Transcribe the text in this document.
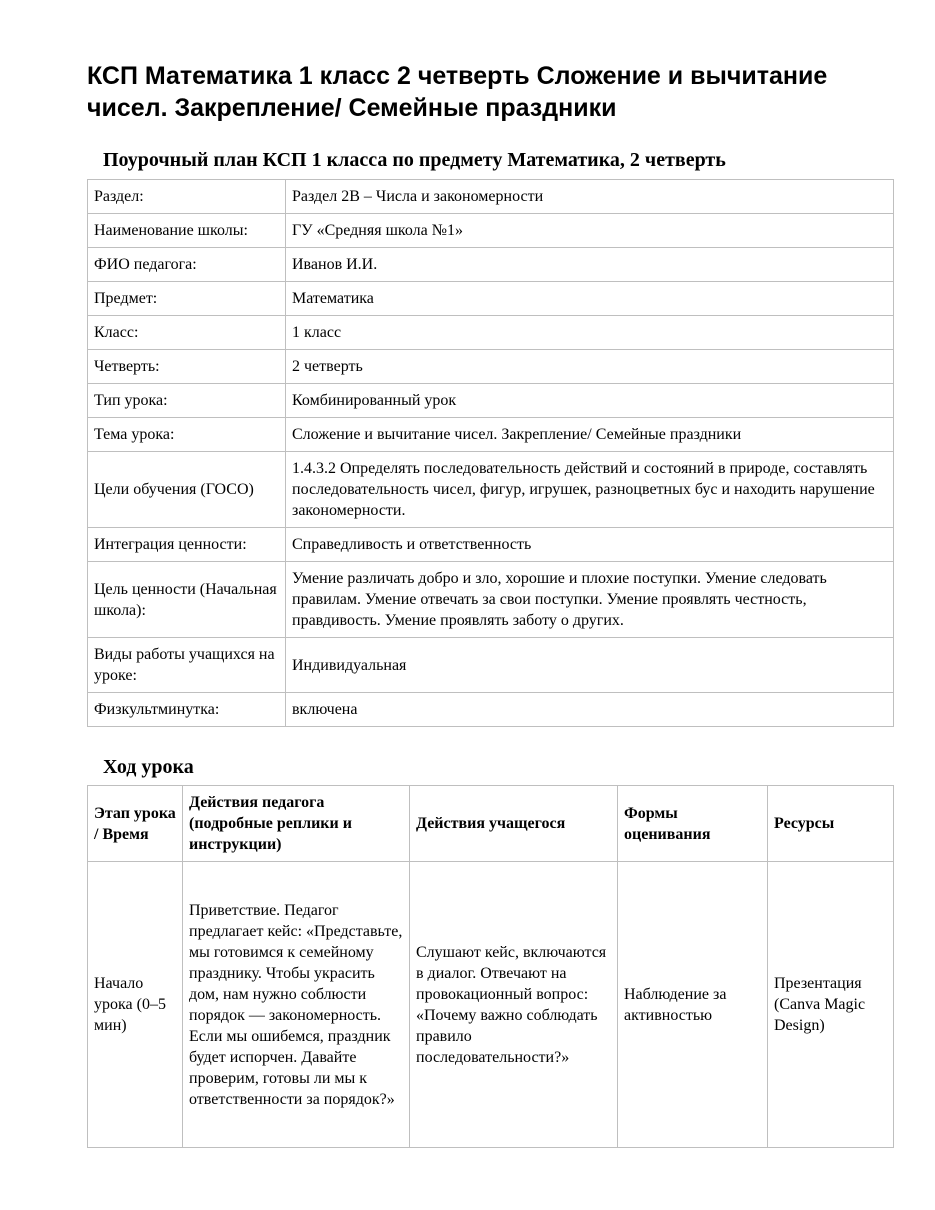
КСП Математика 1 класс 2 четверть Сложение и вычитание чисел. Закрепление/ Семейные праздники
Поурочный план КСП 1 класса по предмету Математика, 2 четверть
Раздел:	Раздел 2В – Числа и закономерности
Наименование школы:	ГУ «Средняя школа №1»
ФИО педагога:	Иванов И.И.
Предмет:	Математика
Класс:	1 класс
Четверть:	2 четверть
Тип урока:	Комбинированный урок
Тема урока:	Сложение и вычитание чисел. Закрепление/ Семейные праздники
Цели обучения (ГОСО)	1.4.3.2 Определять последовательность действий и состояний в природе, составлять последовательность чисел, фигур, игрушек, разноцветных бус и находить нарушение закономерности.
Интеграция ценности:	Справедливость и ответственность
Цель ценности (Начальная школа):	Умение различать добро и зло, хорошие и плохие поступки. Умение следовать правилам. Умение отвечать за свои поступки. Умение проявлять честность, правдивость. Умение проявлять заботу о других.
Виды работы учащихся на уроке:	Индивидуальная
Физкультминутка:	включена
Ход урока
Этап урока / Время	Действия педагога (подробные реплики и инструкции)	Действия учащегося	Формы оценивания	Ресурсы
Начало урока (0–5 мин)	Приветствие. Педагог предлагает кейс: «Представьте, мы готовимся к семейному празднику. Чтобы украсить дом, нам нужно соблюсти порядок — закономерность. Если мы ошибемся, праздник будет испорчен. Давайте проверим, готовы ли мы к ответственности за порядок?»	Слушают кейс, включаются в диалог. Отвечают на провокационный вопрос: «Почему важно соблюдать правило последовательности?»	Наблюдение за активностью	Презентация (Canva Magic Design)
